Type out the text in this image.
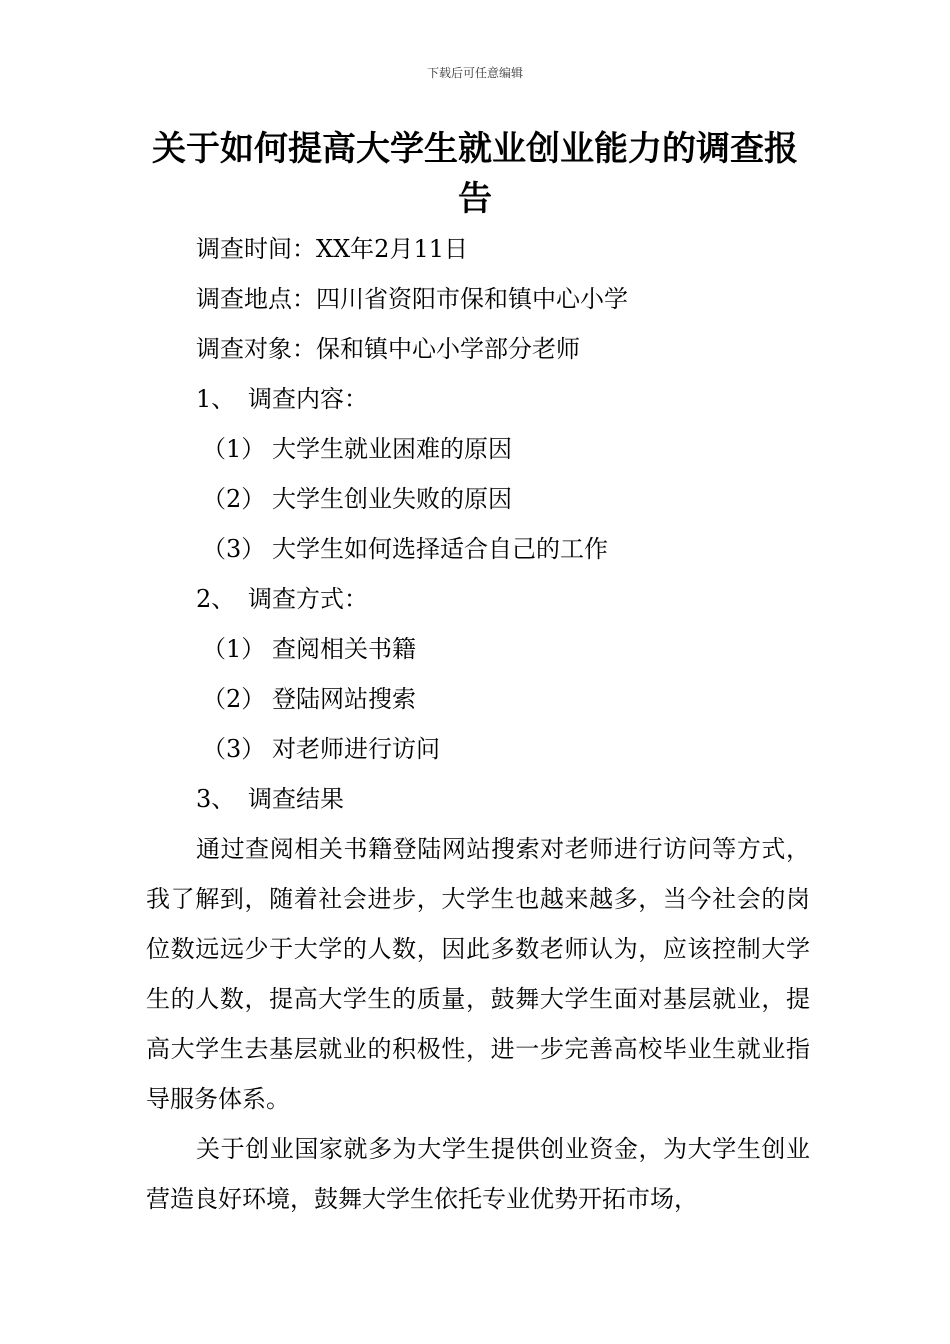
下载后可任意编辑
关于如何提高大学生就业创业能力的调查报告
调查时间：XX年2月11日
调查地点：四川省资阳市保和镇中心小学
调查对象：保和镇中心小学部分老师
1、 调查内容：
（1） 大学生就业困难的原因
（2） 大学生创业失败的原因
（3） 大学生如何选择适合自己的工作
2、 调查方式：
（1） 查阅相关书籍
（2） 登陆网站搜索
（3） 对老师进行访问
3、 调查结果

通过查阅相关书籍登陆网站搜索对老师进行访问等方式，我了解到，随着社会进步，大学生也越来越多，当今社会的岗位数远远少于大学的人数，因此多数老师认为，应该控制大学生的人数，提高大学生的质量，鼓舞大学生面对基层就业，提高大学生去基层就业的积极性，进一步完善高校毕业生就业指导服务体系。

关于创业国家就多为大学生提供创业资金，为大学生创业营造良好环境，鼓舞大学生依托专业优势开拓市场，
